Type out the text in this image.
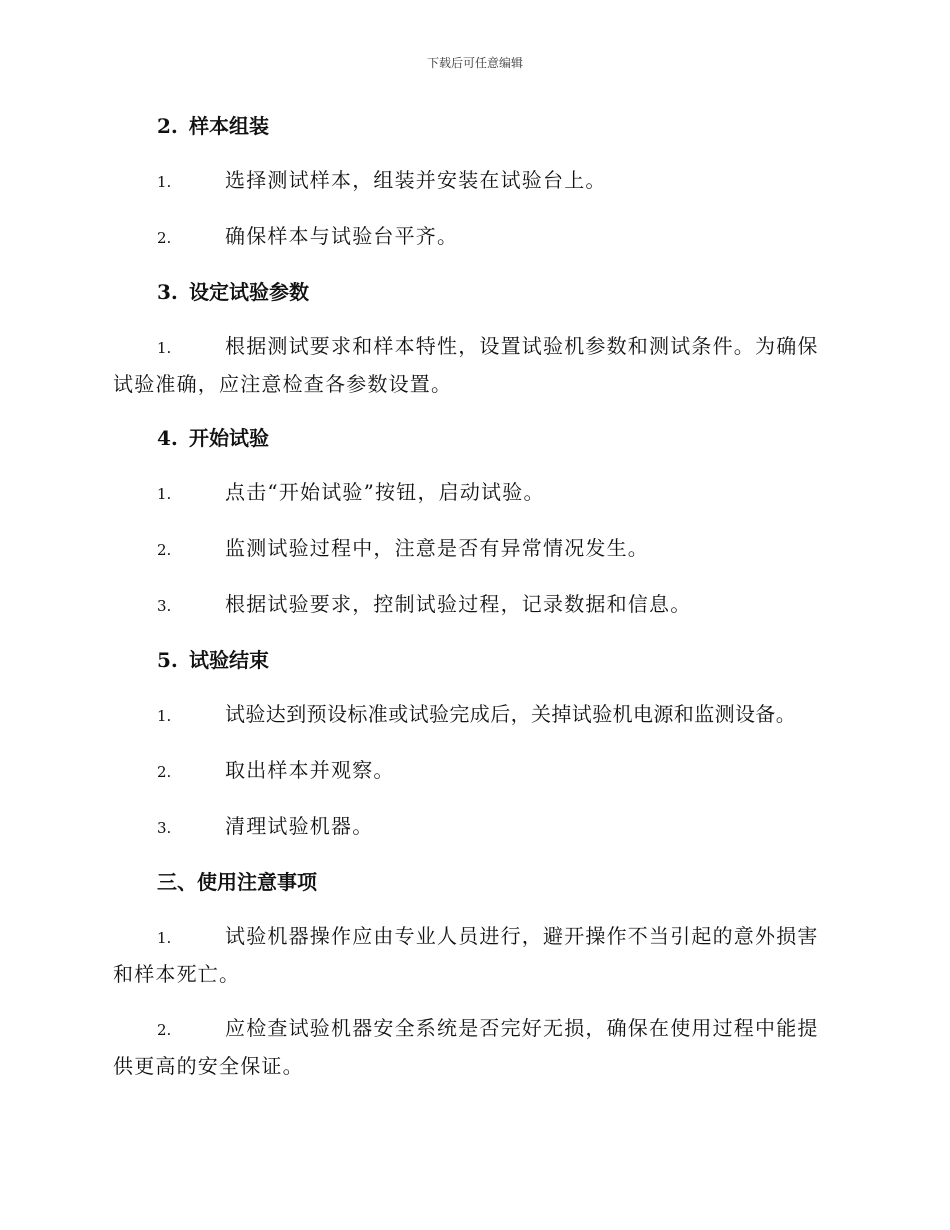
下载后可任意编辑
2. 样本组装
1.	选择测试样本，组装并安装在试验台上。
2.	确保样本与试验台平齐。
3. 设定试验参数
1.	根据测试要求和样本特性，设置试验机参数和测试条件。为确保试验准确，应注意检查各参数设置。
4. 开始试验
1.	点击“开始试验”按钮，启动试验。
2.	监测试验过程中，注意是否有异常情况发生。
3.	根据试验要求，控制试验过程，记录数据和信息。
5. 试验结束
1.	试验达到预设标准或试验完成后，关掉试验机电源和监测设备。
2.	取出样本并观察。
3.	清理试验机器。
三、使用注意事项
1.	试验机器操作应由专业人员进行，避开操作不当引起的意外损害和样本死亡。
2.	应检查试验机器安全系统是否完好无损，确保在使用过程中能提供更高的安全保证。
